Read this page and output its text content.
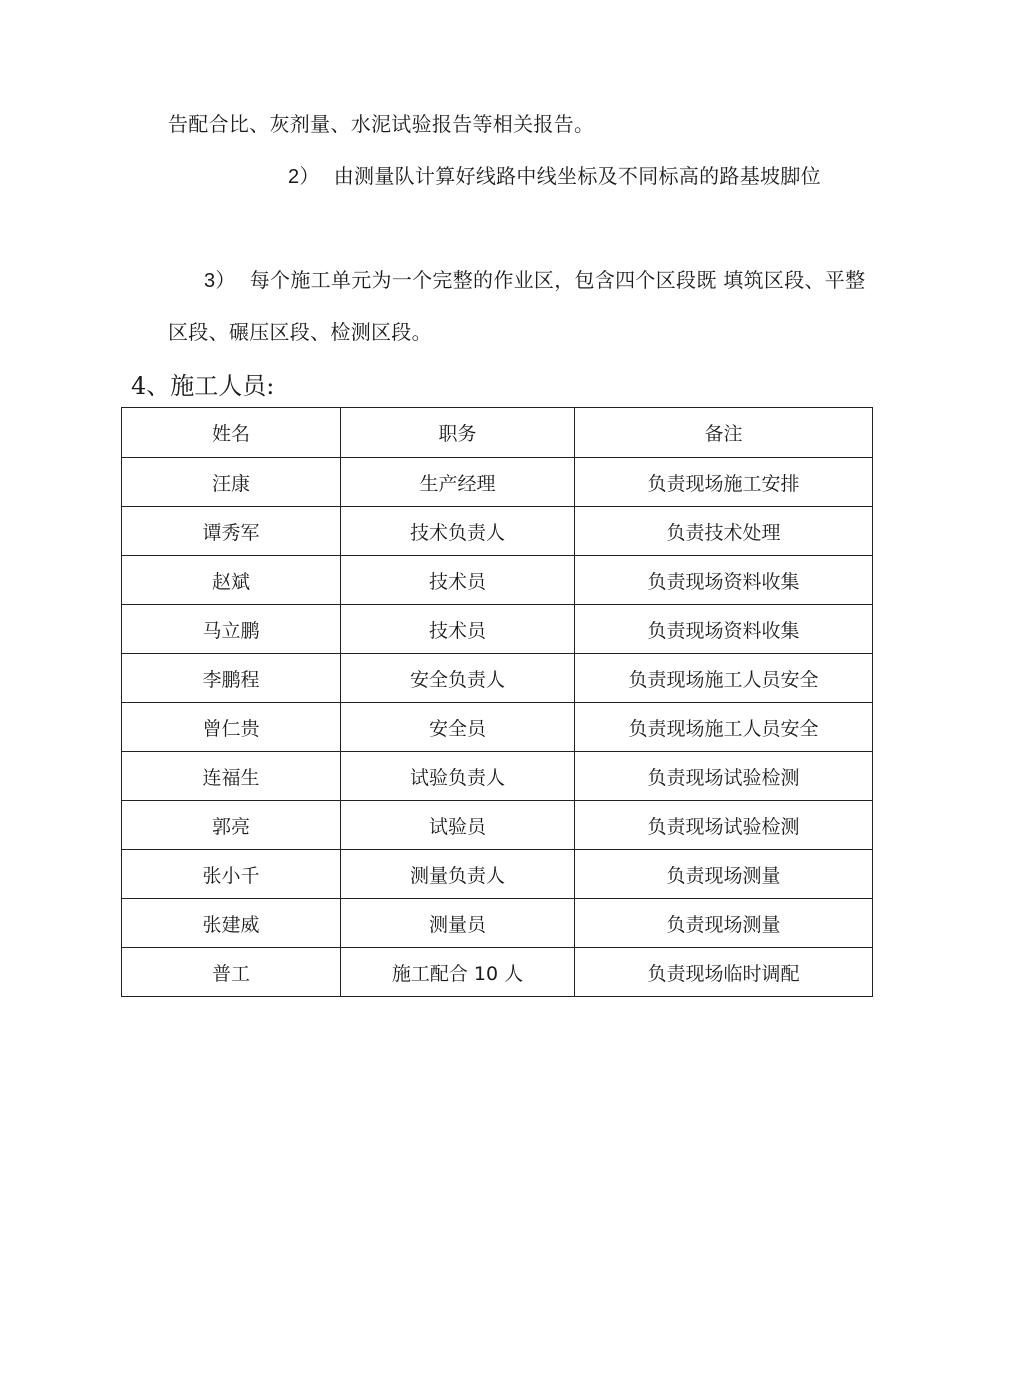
告配合比、灰剂量、水泥试验报告等相关报告。
2） 由测量队计算好线路中线坐标及不同标高的路基坡脚位
3） 每个施工单元为一个完整的作业区，包含四个区段既 填筑区段、平整
区段、碾压区段、检测区段。
4、施工人员:
姓名	职务	备注
汪康	生产经理	负责现场施工安排
谭秀军	技术负责人	负责技术处理
赵斌	技术员	负责现场资料收集
马立鹏	技术员	负责现场资料收集
李鹏程	安全负责人	负责现场施工人员安全
曾仁贵	安全员	负责现场施工人员安全
连福生	试验负责人	负责现场试验检测
郭亮	试验员	负责现场试验检测
张小千	测量负责人	负责现场测量
张建威	测量员	负责现场测量
普工	施工配合 10 人	负责现场临时调配
